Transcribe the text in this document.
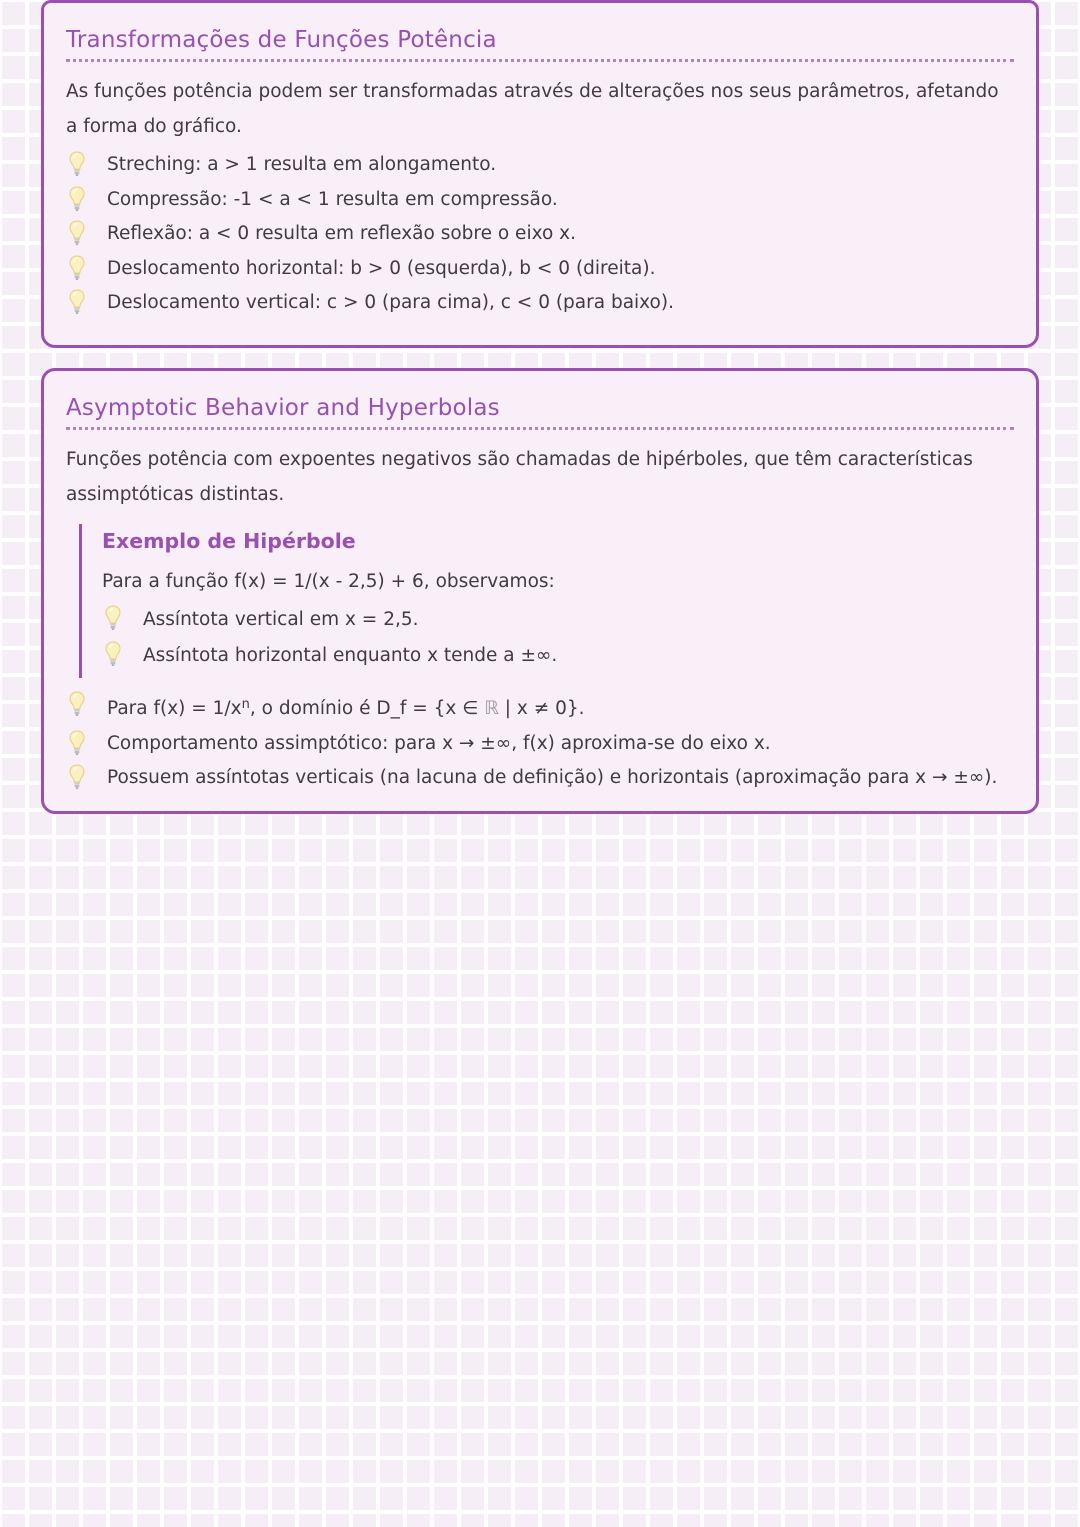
Transformações de Funções Potência

As funções potência podem ser transformadas através de alterações nos seus parâmetros, afetando a forma do gráfico.

Streching: a > 1 resulta em alongamento.
Compressão: -1 < a < 1 resulta em compressão.
Reflexão: a < 0 resulta em reflexão sobre o eixo x.
Deslocamento horizontal: b > 0 (esquerda), b < 0 (direita).
Deslocamento vertical: c > 0 (para cima), c < 0 (para baixo).
Asymptotic Behavior and Hyperbolas

Funções potência com expoentes negativos são chamadas de hipérboles, que têm características assimptóticas distintas.

Exemplo de Hipérbole

Para a função f(x) = 1/(x - 2,5) + 6, observamos:

Assíntota vertical em x = 2,5.
Assíntota horizontal enquanto x tende a ±∞.
Para $f(x) = 1/x^n$, o domínio é D_f = {x ∈ ℝ | x ≠ 0}.
Comportamento assimptótico: para x → ±∞, f(x) aproxima-se do eixo x.
Possuem assíntotas verticais (na lacuna de definição) e horizontais (aproximação para x → ±∞).
